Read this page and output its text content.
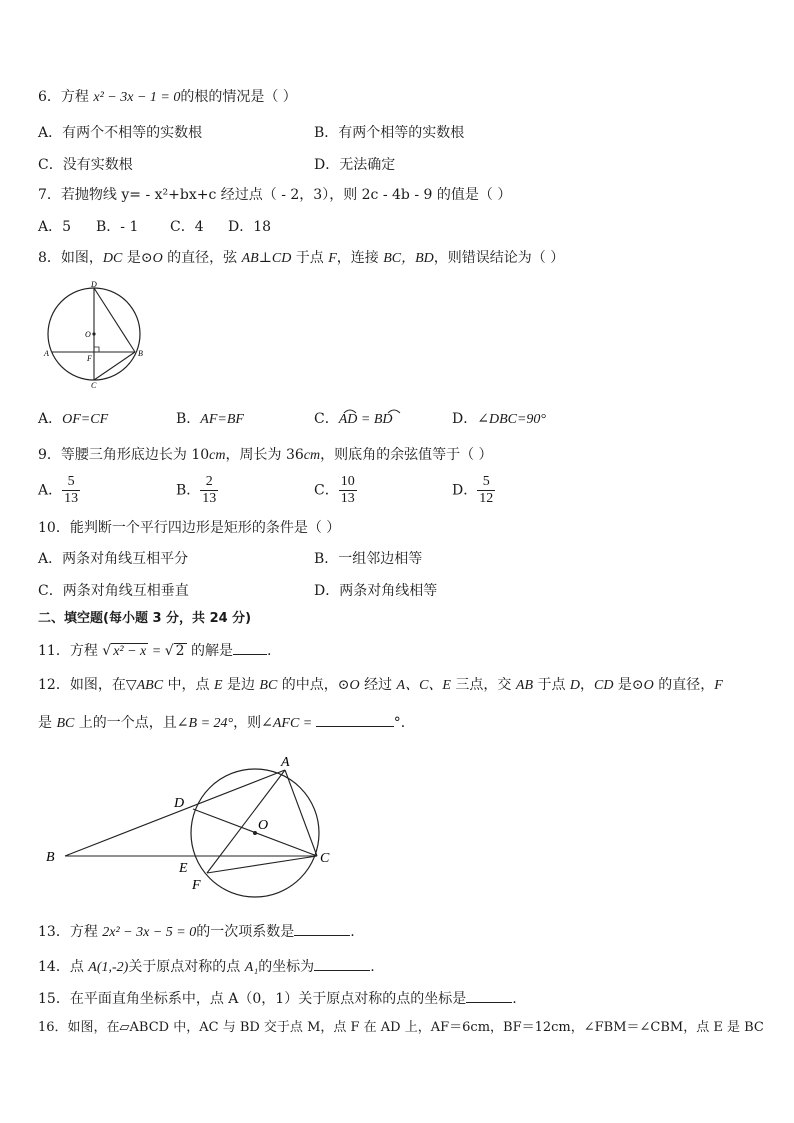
6．方程 x² − 3x − 1 = 0的根的情况是（ ）
A．有两个不相等的实数根	B．有两个相等的实数根
C．没有实数根	D．无法确定
7．若抛物线 y= - x²+bx+c 经过点（ - 2，3），则 2c - 4b - 9 的值是（ ）
A．5 B．- 1 C．4 D．18
8．如图，DC 是⊙O 的直径，弦 AB⊥CD 于点 F，连接 BC，BD，则错误结论为（ ）
D
O
A
F
B
C
A．OF=CF	B．AF=BF	C．AD = BD	D．∠DBC=90°
9．等腰三角形底边长为 10cm，周长为 36cm，则底角的余弦值等于（ ）
A． $\frac{5}{13}$	B． $\frac{2}{13}$	C． $\frac{10}{13}$	D． $\frac{5}{12}$
10．能判断一个平行四边形是矩形的条件是（ ）
A．两条对角线互相平分	B．一组邻边相等
C．两条对角线互相垂直	D．两条对角线相等
二、填空题(每小题 3 分，共 24 分)
11．方程 √ x² − x = √ 2 的解是 .
12．如图，在▽ABC 中，点 E 是边 BC 的中点，⊙O 经过 A、C、E 三点，交 AB 于点 D，CD 是⊙O 的直径，F
是 BC 上的一个点，且∠B = 24°，则∠AFC =	°．
A
D
O
B
E
C
F
13．方程 2x² − 3x − 5 = 0的一次项系数是	.
14．点 A(1,-2)关于原点对称的点 A₁的坐标为	.
15．在平面直角坐标系中，点 A（0，1）关于原点对称的点的坐标是	.
16．如图，在▱ABCD 中，AC 与 BD 交于点 M，点 F 在 AD 上，AF＝6cm，BF＝12cm，∠FBM＝∠CBM，点 E 是 BC
